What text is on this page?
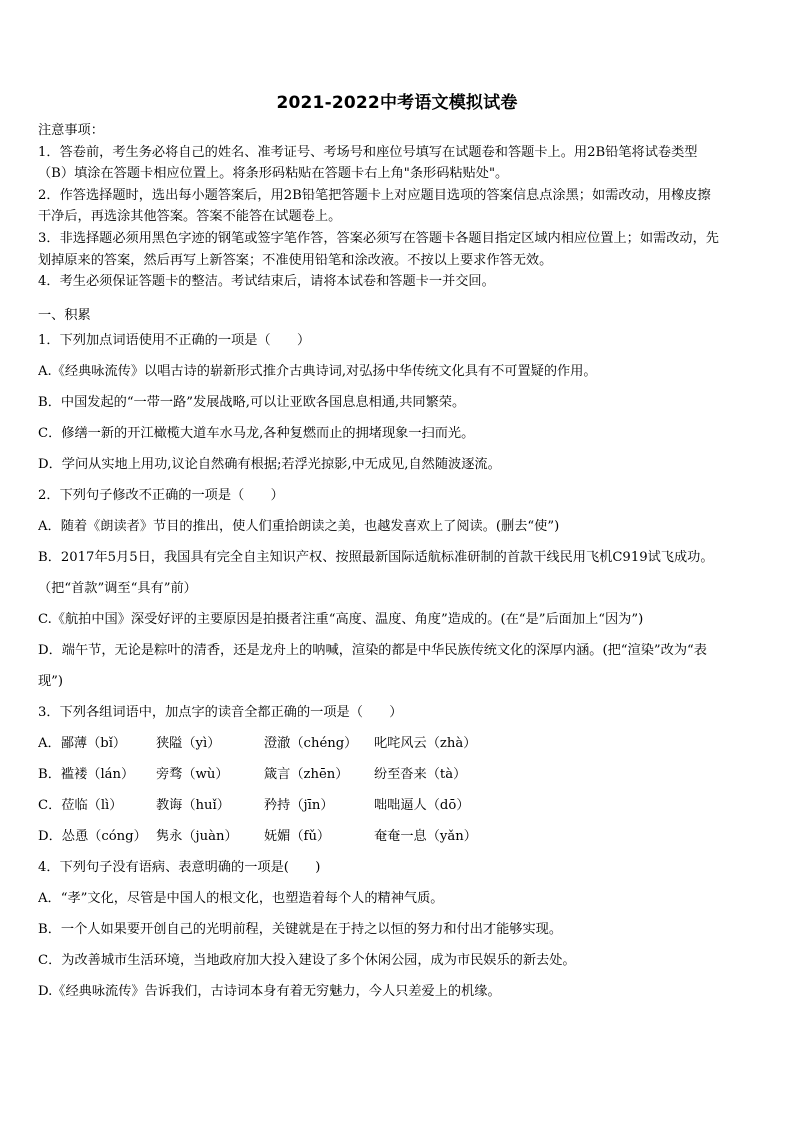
2021-2022中考语文模拟试卷
注意事项：
1．答卷前，考生务必将自己的姓名、准考证号、考场号和座位号填写在试题卷和答题卡上。用2B铅笔将试卷类型
（B）填涂在答题卡相应位置上。将条形码粘贴在答题卡右上角"条形码粘贴处"。
2．作答选择题时，选出每小题答案后，用2B铅笔把答题卡上对应题目选项的答案信息点涂黑；如需改动，用橡皮擦
干净后，再选涂其他答案。答案不能答在试题卷上。
3．非选择题必须用黑色字迹的钢笔或签字笔作答，答案必须写在答题卡各题目指定区域内相应位置上；如需改动，先
划掉原来的答案，然后再写上新答案；不准使用铅笔和涂改液。不按以上要求作答无效。
4．考生必须保证答题卡的整洁。考试结束后，请将本试卷和答题卡一并交回。
一、积累
1．下列加点词语使用不正确的一项是（　　）
A.《经典咏流传》以唱古诗的崭新形式推介古典诗词,对弘扬中华传统文化具有不可置疑的作用。
B．中国发起的“一带一路”发展战略,可以让亚欧各国息息相通,共同繁荣。
C．修缮一新的开江橄榄大道车水马龙,各种复燃而止的拥堵现象一扫而光。
D．学问从实地上用功,议论自然确有根据;若浮光掠影,中无成见,自然随波逐流。
2．下列句子修改不正确的一项是（　　）
A．随着《朗读者》节目的推出，使人们重拾朗读之美，也越发喜欢上了阅读。(删去“使”)
B．2017年5月5日，我国具有完全自主知识产权、按照最新国际适航标准研制的首款干线民用飞机C919试飞成功。
（把“首款”调至“具有”前）
C.《航拍中国》深受好评的主要原因是拍摄者注重“高度、温度、角度”造成的。(在“是”后面加上“因为”)
D．端午节，无论是粽叶的清香，还是龙舟上的呐喊，渲染的都是中华民族传统文化的深厚内涵。(把“渲染”改为“表
现”)
3．下列各组词语中，加点字的读音全都正确的一项是（　　）
A．鄙薄（bǐ）	狭隘（yì）	澄澈（chéng）	叱咤风云（zhà）
B．褴褛（lán）	旁骛（wù）	箴言（zhēn）	纷至沓来（tà）
C．莅临（lì）	教诲（huǐ）	矜持（jīn）	咄咄逼人（dō）
D．怂恿（cóng） 隽永（juàn）	妩媚（fǔ）	奄奄一息（yǎn）
4．下列句子没有语病、表意明确的一项是(　　)
A．“孝”文化，尽管是中国人的根文化，也塑造着每个人的精神气质。
B．一个人如果要开创自己的光明前程，关键就是在于持之以恒的努力和付出才能够实现。
C．为改善城市生活环境，当地政府加大投入建设了多个休闲公园，成为市民娱乐的新去处。
D.《经典咏流传》告诉我们，古诗词本身有着无穷魅力，今人只差爱上的机缘。
